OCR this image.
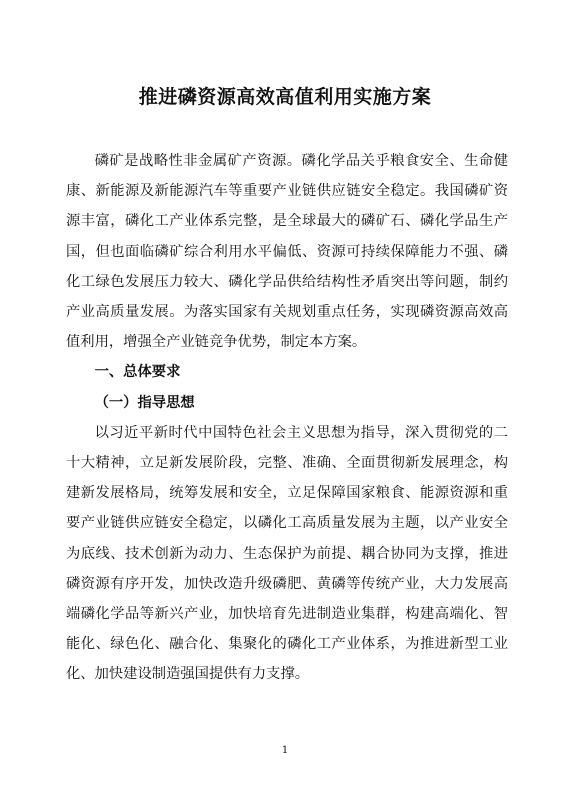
推进磷资源高效高值利用实施方案

磷矿是战略性非金属矿产资源。磷化学品关乎粮食安全、生命健康、新能源及新能源汽车等重要产业链供应链安全稳定。我国磷矿资源丰富，磷化工产业体系完整，是全球最大的磷矿石、磷化学品生产国，但也面临磷矿综合利用水平偏低、资源可持续保障能力不强、磷化工绿色发展压力较大、磷化学品供给结构性矛盾突出等问题，制约产业高质量发展。为落实国家有关规划重点任务，实现磷资源高效高值利用，增强全产业链竞争优势，制定本方案。

一、总体要求

（一）指导思想

以习近平新时代中国特色社会主义思想为指导，深入贯彻党的二十大精神，立足新发展阶段，完整、准确、全面贯彻新发展理念，构建新发展格局，统筹发展和安全，立足保障国家粮食、能源资源和重要产业链供应链安全稳定，以磷化工高质量发展为主题，以产业安全为底线、技术创新为动力、生态保护为前提、耦合协同为支撑，推进磷资源有序开发，加快改造升级磷肥、黄磷等传统产业，大力发展高端磷化学品等新兴产业，加快培育先进制造业集群，构建高端化、智能化、绿色化、融合化、集聚化的磷化工产业体系，为推进新型工业化、加快建设制造强国提供有力支撑。

1
